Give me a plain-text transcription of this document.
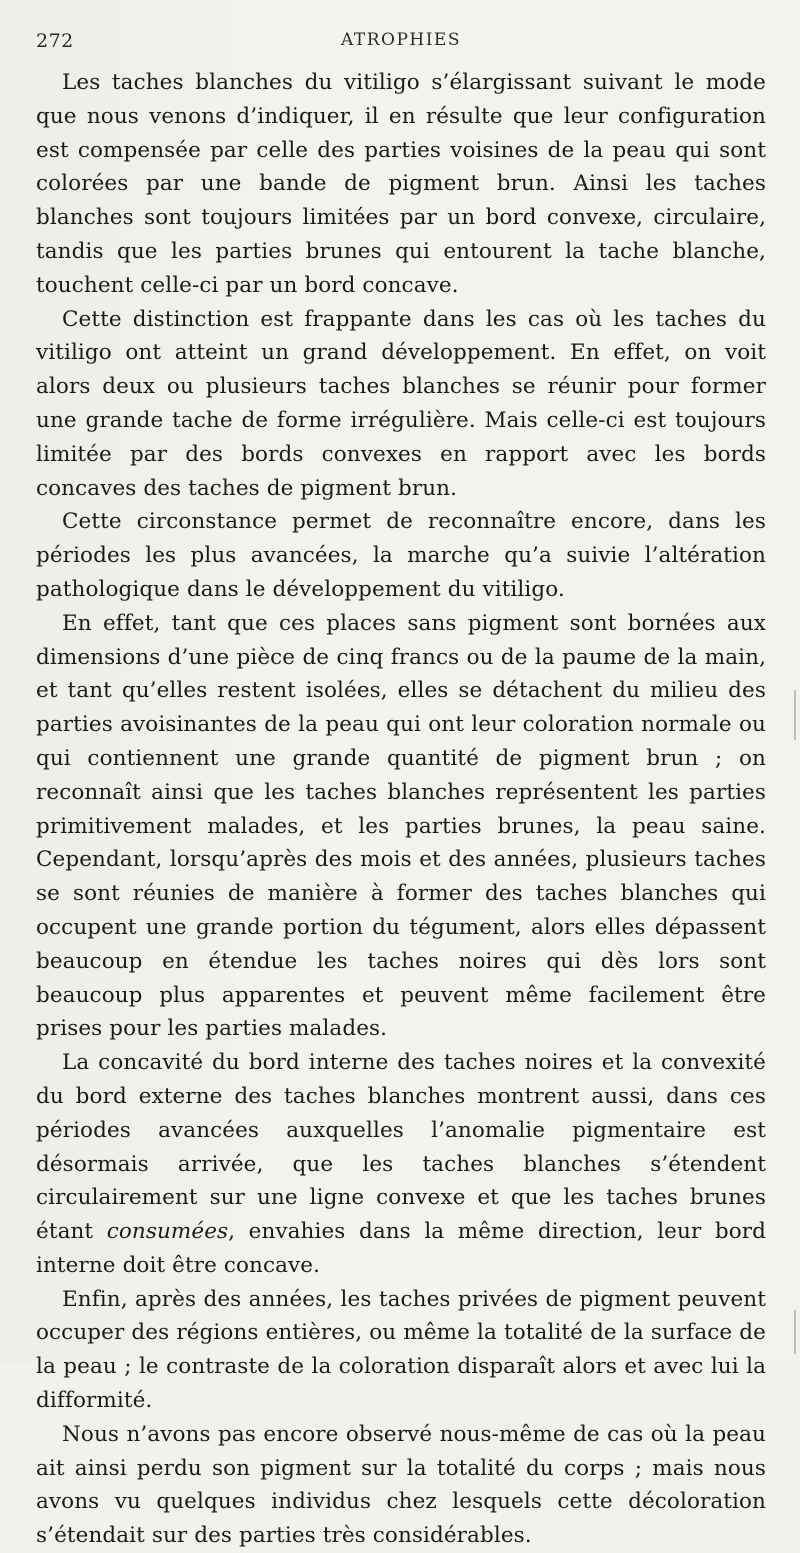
272	ATROPHIES

Les taches blanches du vitiligo s’élargissant suivant le mode que nous venons d’indiquer, il en résulte que leur configuration est compensée par celle des parties voisines de la peau qui sont colorées par une bande de pigment brun. Ainsi les taches blanches sont toujours limitées par un bord convexe, circulaire, tandis que les parties brunes qui entourent la tache blanche, touchent celle-ci par un bord concave.

Cette distinction est frappante dans les cas où les taches du vitiligo ont atteint un grand développement. En effet, on voit alors deux ou plusieurs taches blanches se réunir pour former une grande tache de forme irrégulière. Mais celle-ci est toujours limitée par des bords convexes en rapport avec les bords concaves des taches de pigment brun.

Cette circonstance permet de reconnaître encore, dans les périodes les plus avancées, la marche qu’a suivie l’altération pathologique dans le développement du vitiligo.

En effet, tant que ces places sans pigment sont bornées aux dimensions d’une pièce de cinq francs ou de la paume de la main, et tant qu’elles restent isolées, elles se détachent du milieu des parties avoisinantes de la peau qui ont leur coloration normale ou qui contiennent une grande quantité de pigment brun ; on reconnaît ainsi que les taches blanches représentent les parties primitivement malades, et les parties brunes, la peau saine. Cependant, lorsqu’après des mois et des années, plusieurs taches se sont réunies de manière à former des taches blanches qui occupent une grande portion du tégument, alors elles dépassent beaucoup en étendue les taches noires qui dès lors sont beaucoup plus apparentes et peuvent même facilement être prises pour les parties malades.

La concavité du bord interne des taches noires et la convexité du bord externe des taches blanches montrent aussi, dans ces périodes avancées auxquelles l’anomalie pigmentaire est désormais arrivée, que les taches blanches s’étendent circulairement sur une ligne convexe et que les taches brunes étant consumées, envahies dans la même direction, leur bord interne doit être concave.

Enfin, après des années, les taches privées de pigment peuvent occuper des régions entières, ou même la totalité de la surface de la peau ; le contraste de la coloration disparaît alors et avec lui la difformité.

Nous n’avons pas encore observé nous-même de cas où la peau ait ainsi perdu son pigment sur la totalité du corps ; mais nous avons vu quelques individus chez lesquels cette décoloration s’étendait sur des parties très considérables.
